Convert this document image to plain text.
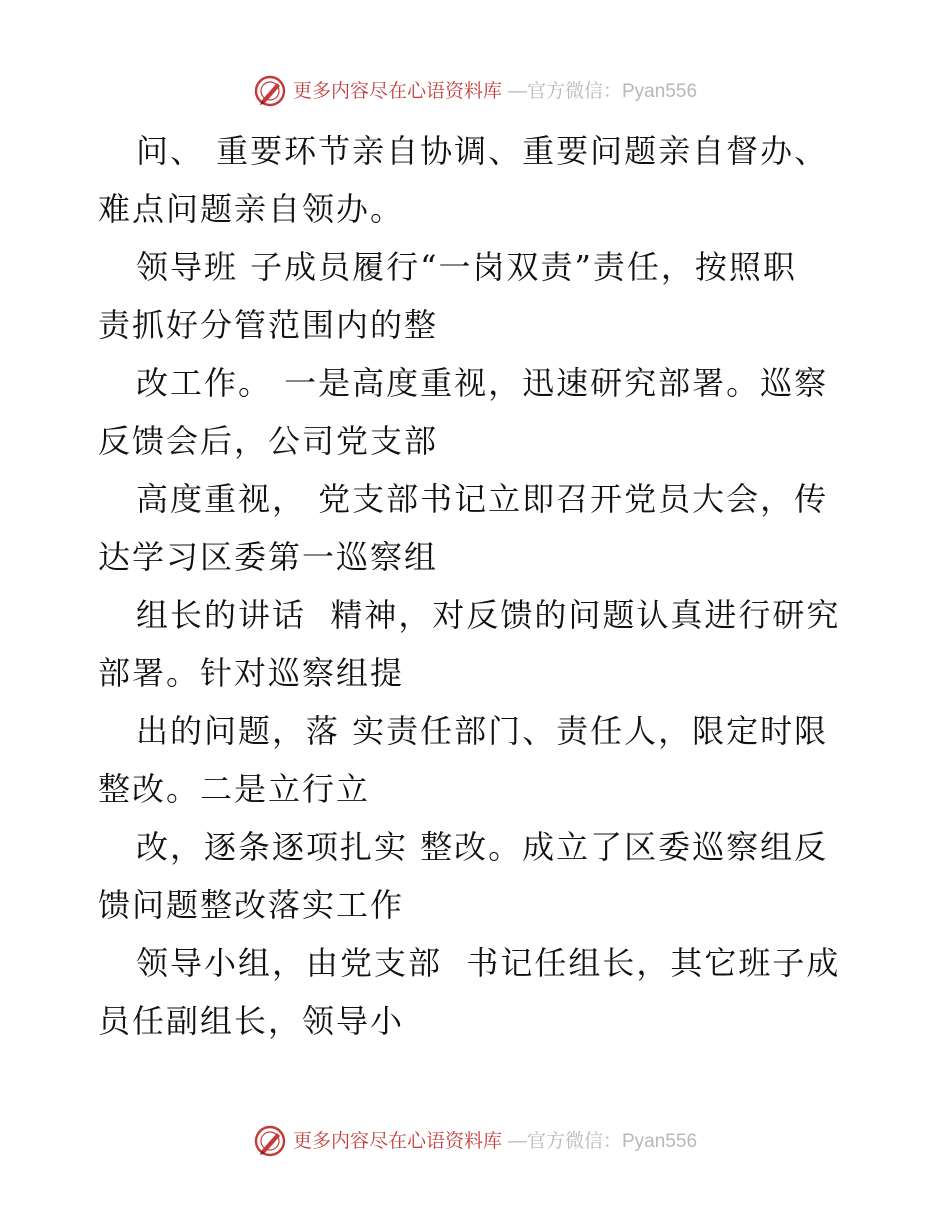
更多内容尽在心语资料库 —官方微信：Pyan556
问、 重要环节亲自协调、重要问题亲自督办、
难点问题亲自领办。
领导班 子成员履行“一岗双责”责任，按照职
责抓好分管范围内的整
改工作。 一是高度重视，迅速研究部署。巡察
反馈会后，公司党支部
高度重视， 党支部书记立即召开党员大会，传
达学习区委第一巡察组
组长的讲话  精神，对反馈的问题认真进行研究
部署。针对巡察组提
出的问题，落 实责任部门、责任人，限定时限
整改。二是立行立
改，逐条逐项扎实 整改。成立了区委巡察组反
馈问题整改落实工作
领导小组，由党支部  书记任组长，其它班子成
员任副组长，领导小
更多内容尽在心语资料库 —官方微信：Pyan556
